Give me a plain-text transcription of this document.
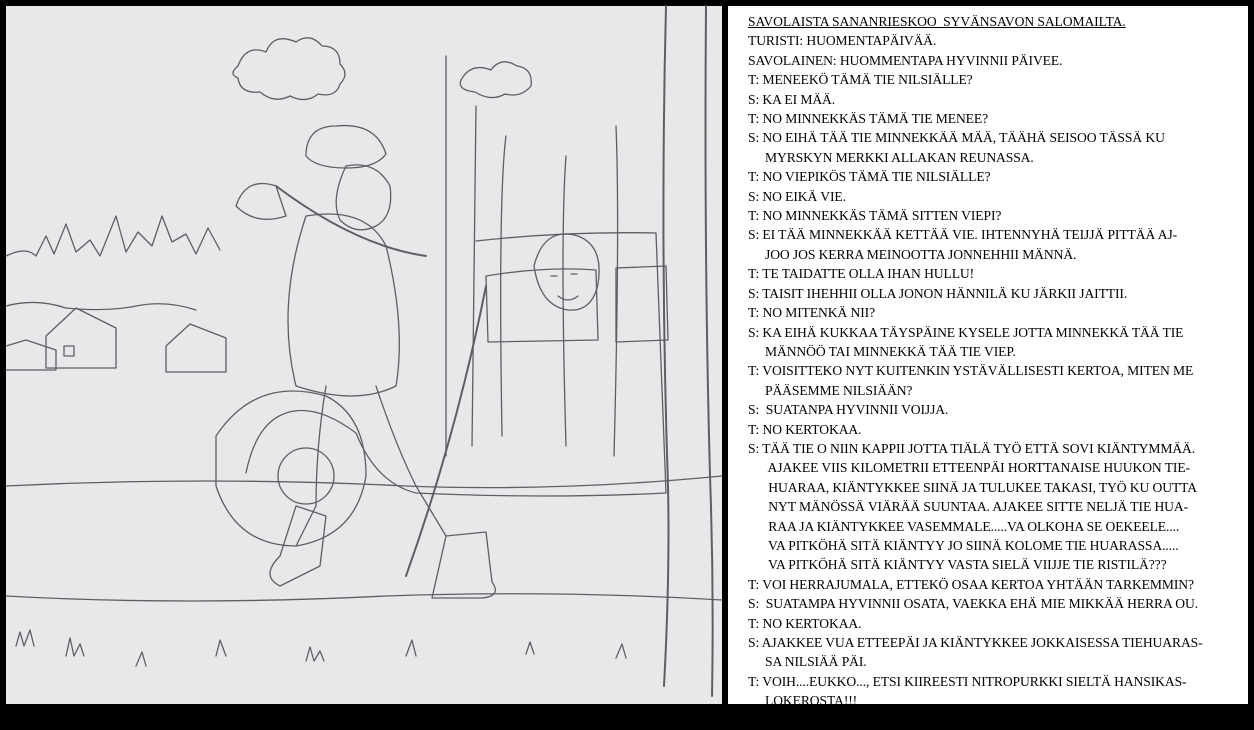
SAVOLAISTA SANANRIESKOO  SYVÄNSAVON SALOMAILTA.
TURISTI: HUOMENTAPÄIVÄÄ.
SAVOLAINEN: HUOMMENTAPA HYVINNII PÄIVEE.
T: MENEEKÖ TÄMÄ TIE NILSIÄLLE?
S: KA EI MÄÄ.
T: NO MINNEKKÄS TÄMÄ TIE MENEE?
S: NO EIHÄ TÄÄ TIE MINNEKKÄÄ MÄÄ, TÄÄHÄ SEISOO TÄSSÄ KU
MYRSKYN MERKKI ALLAKAN REUNASSA.
T: NO VIEPIKÖS TÄMÄ TIE NILSIÄLLE?
S: NO EIKÄ VIE.
T: NO MINNEKKÄS TÄMÄ SITTEN VIEPI?
S: EI TÄÄ MINNEKKÄÄ KETTÄÄ VIE. IHTENNYHÄ TEIJJÄ PITTÄÄ AJ-
JOO JOS KERRA MEINOOTTA JONNEHHII MÄNNÄ.
T: TE TAIDATTE OLLA IHAN HULLU!
S: TAISIT IHEHHII OLLA JONON HÄNNILÄ KU JÄRKII JAITTII.
T: NO MITENKÄ NII?
S: KA EIHÄ KUKKAA TÄYSPÄINE KYSELE JOTTA MINNEKKÄ TÄÄ TIE
MÄNNÖÖ TAI MINNEKKÄ TÄÄ TIE VIEP.
T: VOISITTEKO NYT KUITENKIN YSTÄVÄLLISESTI KERTOA, MITEN ME
PÄÄSEMME NILSIÄÄN?
S:  SUATANPA HYVINNII VOIJJA.
T: NO KERTOKAA.
S: TÄÄ TIE O NIIN KAPPII JOTTA TIÄLÄ TYÖ ETTÄ SOVI KIÄNTYMMÄÄ.
AJAKEE VIIS KILOMETRII ETTEENPÄI HORTTANAISE HUUKON TIE-
HUARAA, KIÄNTYKKEE SIINÄ JA TULUKEE TAKASI, TYÖ KU OUTTA
NYT MÄNÖSSÄ VIÄRÄÄ SUUNTAA. AJAKEE SITTE NELJÄ TIE HUA-
RAA JA KIÄNTYKKEE VASEMMALE.....VA OLKOHA SE OEKEELE....
VA PITKÖHÄ SITÄ KIÄNTYY JO SIINÄ KOLOME TIE HUARASSA.....
VA PITKÖHÄ SITÄ KIÄNTYY VASTA SIELÄ VIIJJE TIE RISTILÄ???
T: VOI HERRAJUMALA, ETTEKÖ OSAA KERTOA YHTÄÄN TARKEMMIN?
S:  SUATAMPA HYVINNII OSATA, VAEKKA EHÄ MIE MIKKÄÄ HERRA OU.
T: NO KERTOKAA.
S: AJAKKEE VUA ETTEEPÄI JA KIÄNTYKKEE JOKKAISESSA TIEHUARAS-
SA NILSIÄÄ PÄI.
T: VOIH....EUKKO..., ETSI KIIREESTI NITROPURKKI SIELTÄ HANSIKAS-
LOKEROSTA!!!
S: NO MIKÄ SILLE NYT TUL???
